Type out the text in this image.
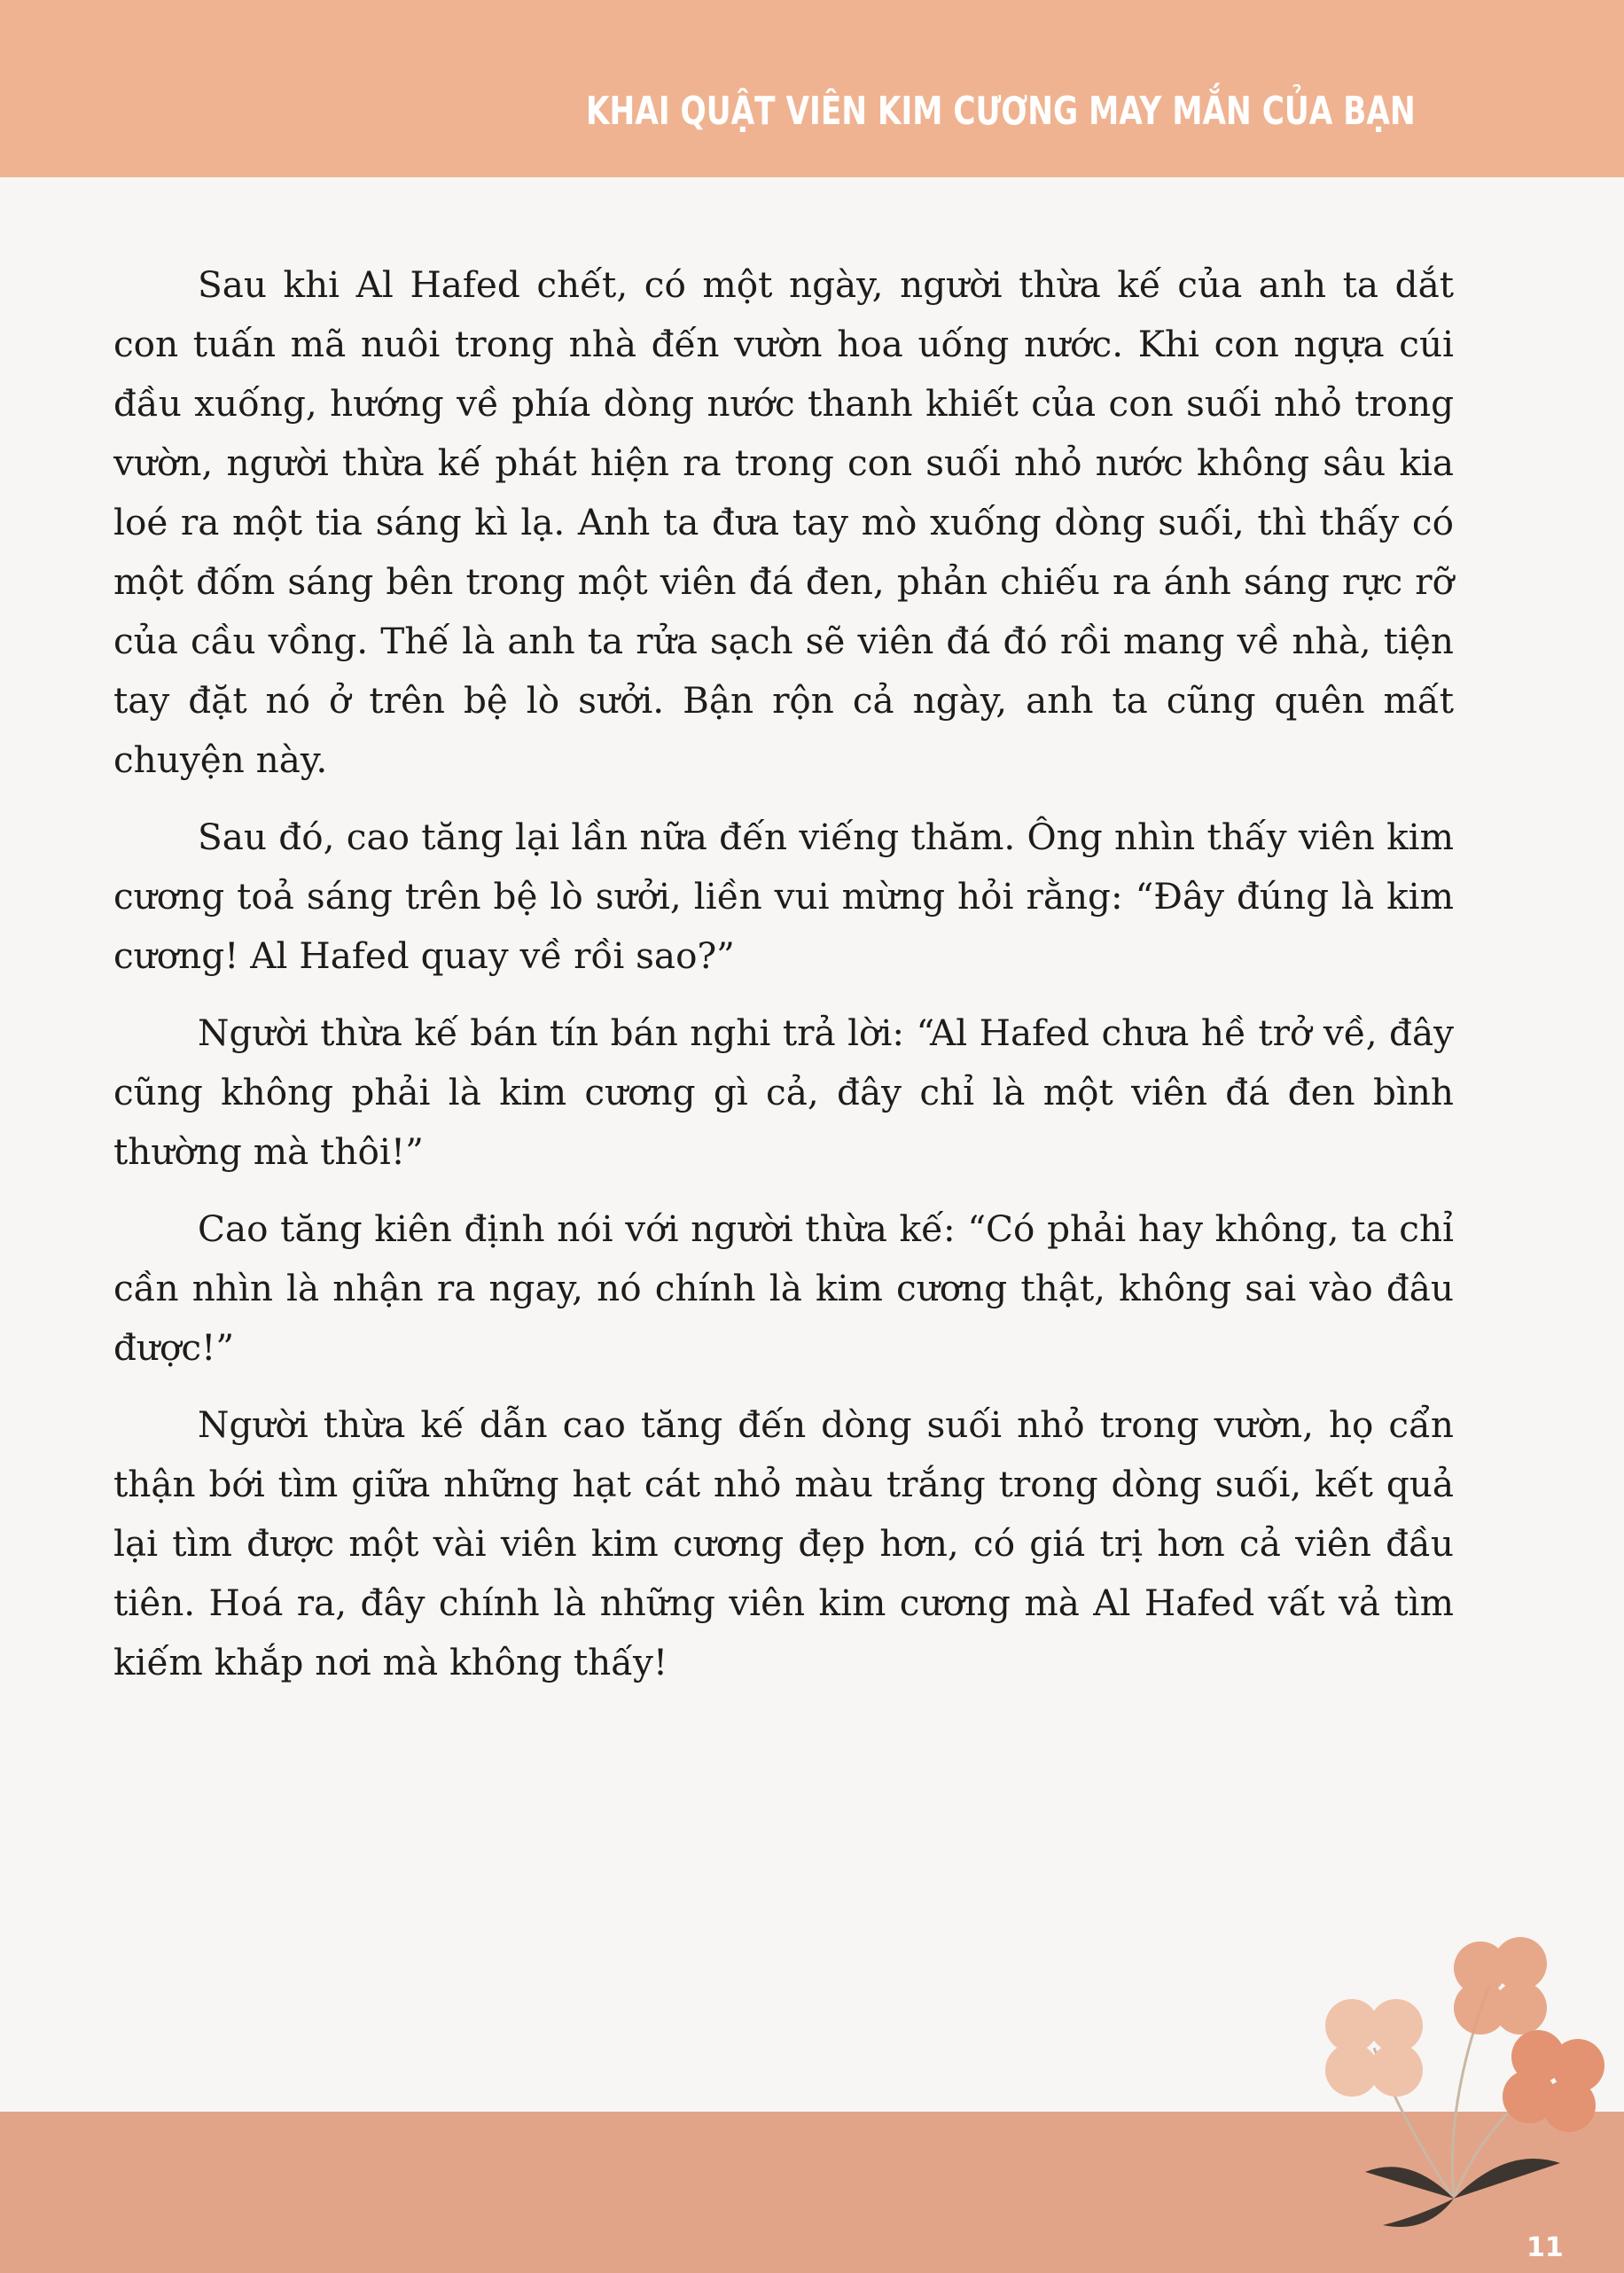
KHAI QUẬT VIÊN KIM CƯƠNG MAY MẮN CỦA BẠN

Sau khi Al Hafed chết, có một ngày, người thừa kế của anh ta dắt con tuấn mã nuôi trong nhà đến vườn hoa uống nước. Khi con ngựa cúi đầu xuống, hướng về phía dòng nước thanh khiết của con suối nhỏ trong vườn, người thừa kế phát hiện ra trong con suối nhỏ nước không sâu kia loé ra một tia sáng kì lạ. Anh ta đưa tay mò xuống dòng suối, thì thấy có một đốm sáng bên trong một viên đá đen, phản chiếu ra ánh sáng rực rỡ của cầu vồng. Thế là anh ta rửa sạch sẽ viên đá đó rồi mang về nhà, tiện tay đặt nó ở trên bệ lò sưởi. Bận rộn cả ngày, anh ta cũng quên mất chuyện này.

Sau đó, cao tăng lại lần nữa đến viếng thăm. Ông nhìn thấy viên kim cương toả sáng trên bệ lò sưởi, liền vui mừng hỏi rằng: “Đây đúng là kim cương! Al Hafed quay về rồi sao?”

Người thừa kế bán tín bán nghi trả lời: “Al Hafed chưa hề trở về, đây cũng không phải là kim cương gì cả, đây chỉ là một viên đá đen bình thường mà thôi!”

Cao tăng kiên định nói với người thừa kế: “Có phải hay không, ta chỉ cần nhìn là nhận ra ngay, nó chính là kim cương thật, không sai vào đâu được!”

Người thừa kế dẫn cao tăng đến dòng suối nhỏ trong vườn, họ cẩn thận bới tìm giữa những hạt cát nhỏ màu trắng trong dòng suối, kết quả lại tìm được một vài viên kim cương đẹp hơn, có giá trị hơn cả viên đầu tiên. Hoá ra, đây chính là những viên kim cương mà Al Hafed vất vả tìm kiếm khắp nơi mà không thấy!

11
